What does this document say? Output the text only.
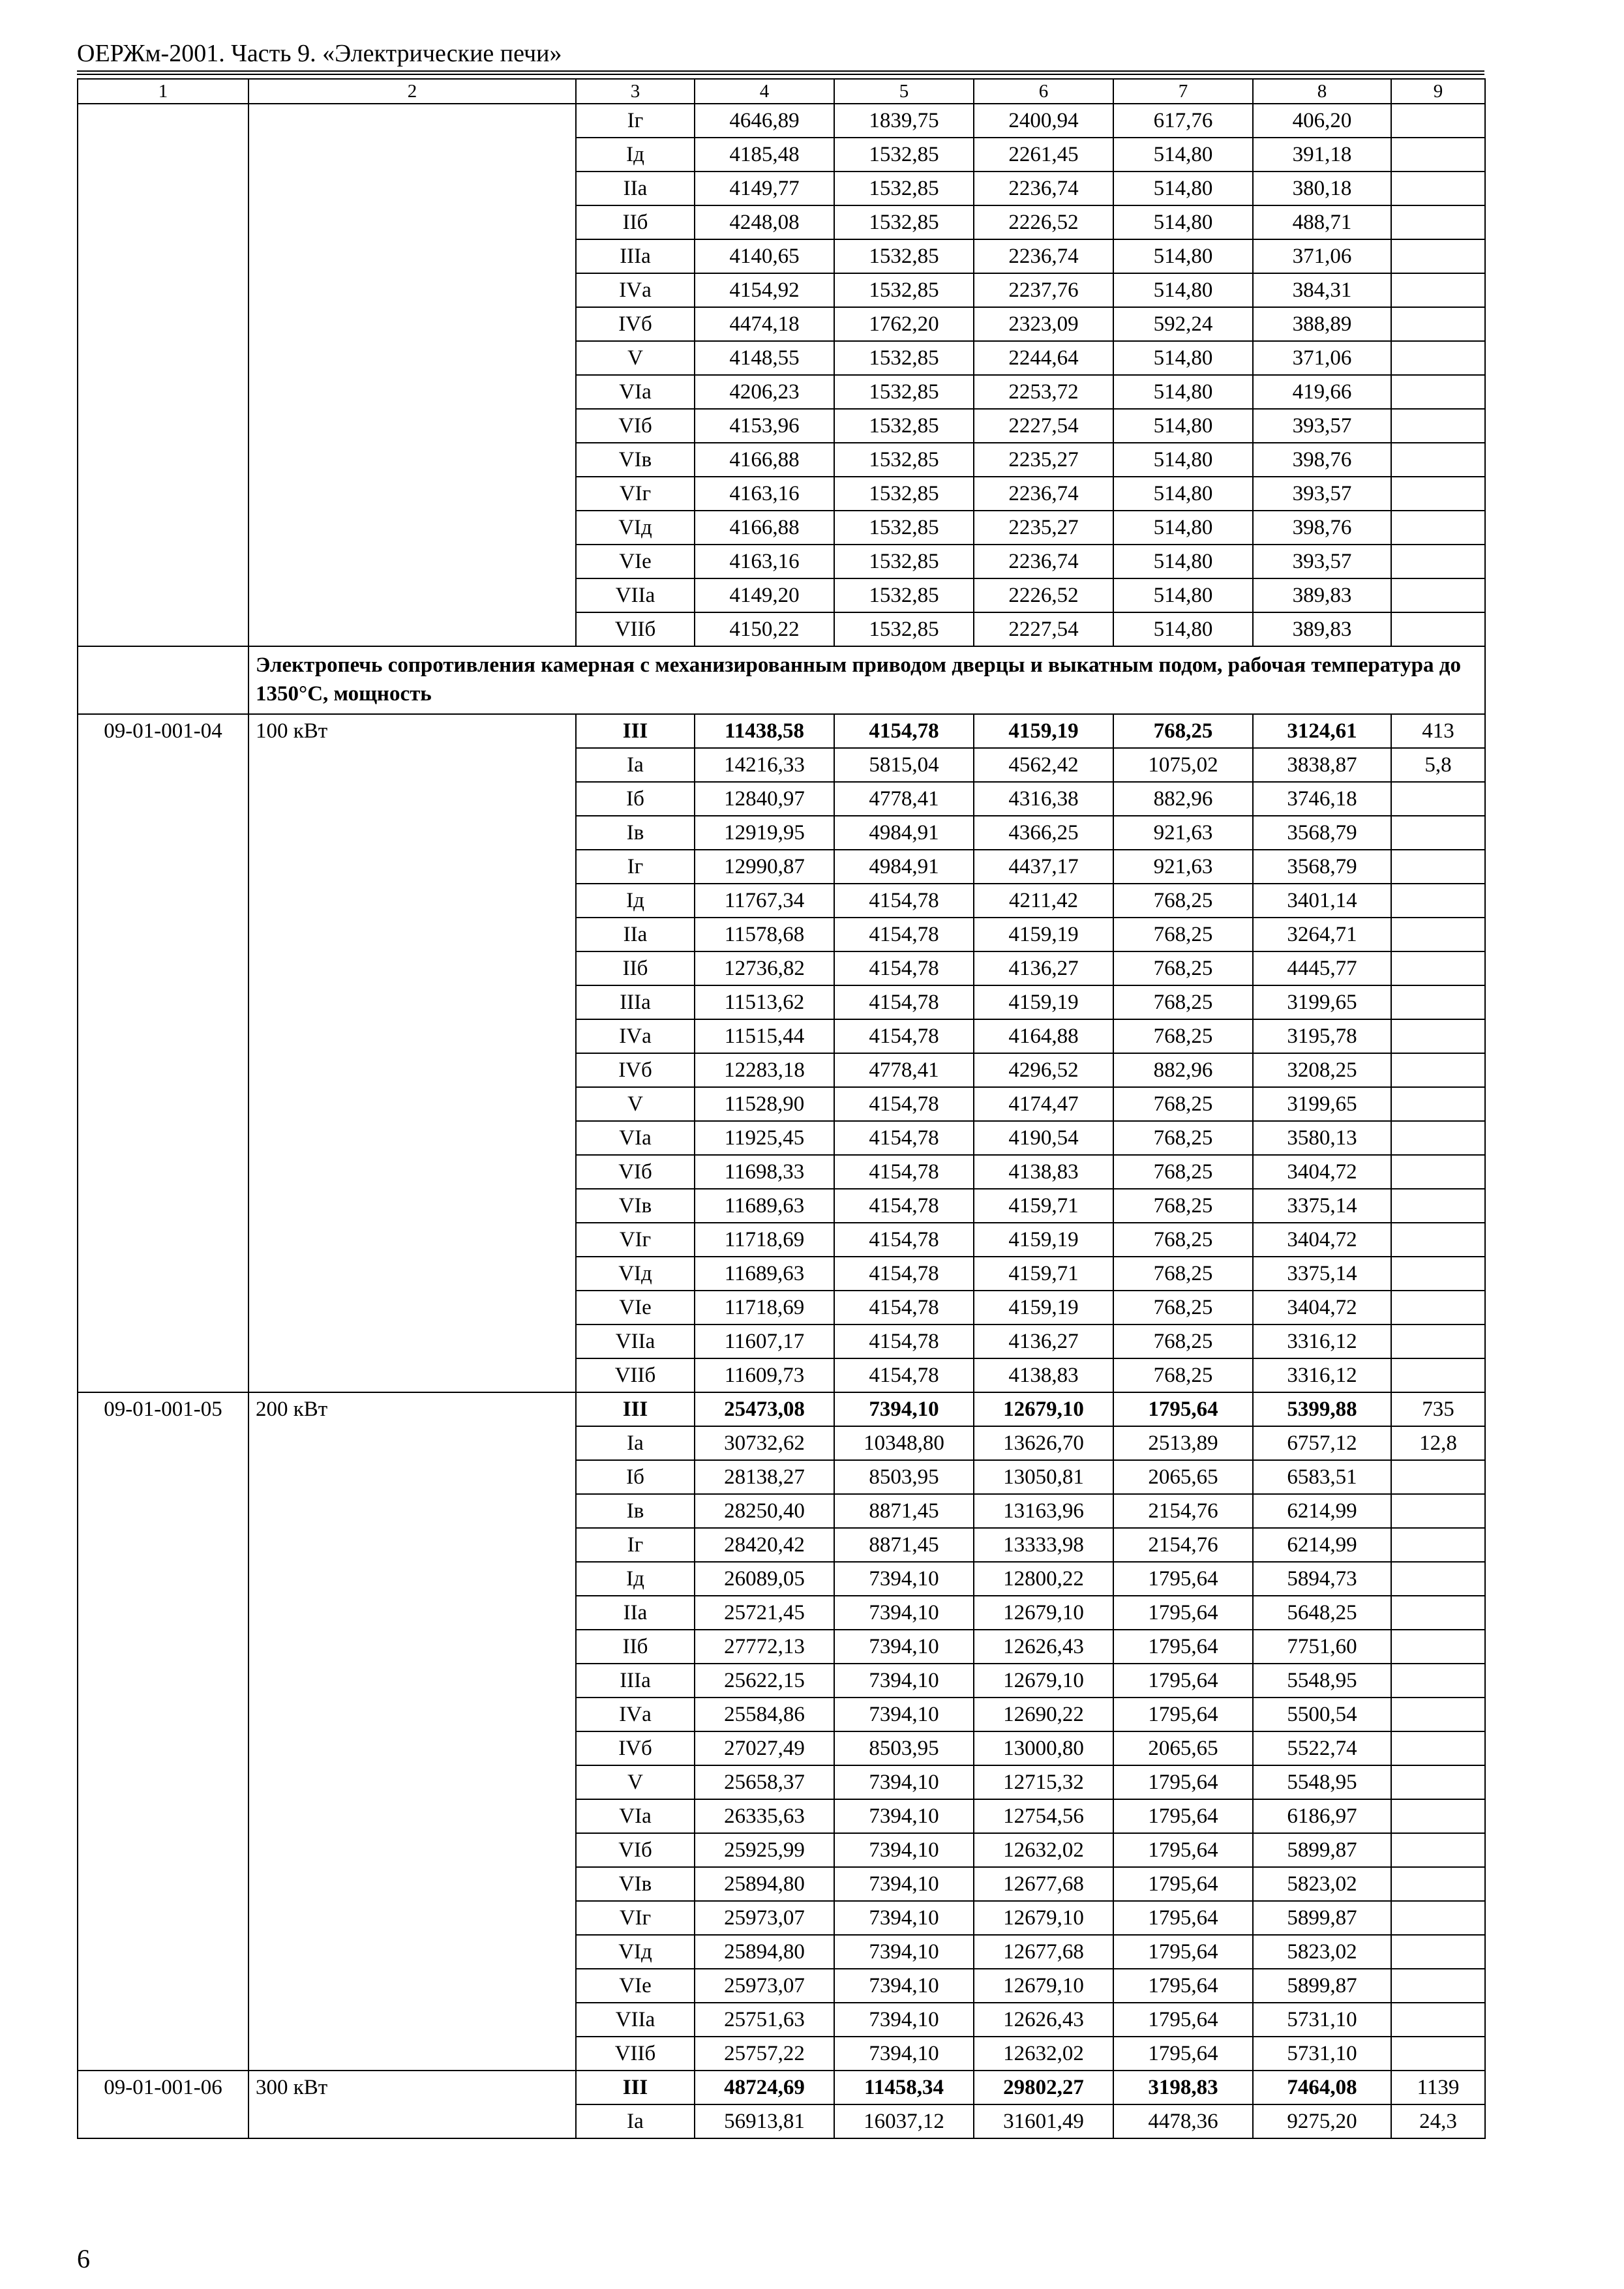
ОЕРЖм-2001. Часть 9. «Электрические печи»
1	2	3	4	5	6	7	8	9
		Iг	4646,89	1839,75	2400,94	617,76	406,20	
		Iд	4185,48	1532,85	2261,45	514,80	391,18	
		IIа	4149,77	1532,85	2236,74	514,80	380,18	
		IIб	4248,08	1532,85	2226,52	514,80	488,71	
		IIIа	4140,65	1532,85	2236,74	514,80	371,06	
		IVа	4154,92	1532,85	2237,76	514,80	384,31	
		IVб	4474,18	1762,20	2323,09	592,24	388,89	
		V	4148,55	1532,85	2244,64	514,80	371,06	
		VIа	4206,23	1532,85	2253,72	514,80	419,66	
		VIб	4153,96	1532,85	2227,54	514,80	393,57	
		VIв	4166,88	1532,85	2235,27	514,80	398,76	
		VIг	4163,16	1532,85	2236,74	514,80	393,57	
		VIд	4166,88	1532,85	2235,27	514,80	398,76	
		VIе	4163,16	1532,85	2236,74	514,80	393,57	
		VIIа	4149,20	1532,85	2226,52	514,80	389,83	
		VIIб	4150,22	1532,85	2227,54	514,80	389,83	
	Электропечь сопротивления камерная с механизированным приводом дверцы и выкатным подом, рабочая температура до 1350°С, мощность							
09-01-001-04	100 кВт	III	11438,58	4154,78	4159,19	768,25	3124,61	413
		Iа	14216,33	5815,04	4562,42	1075,02	3838,87	5,8
		Iб	12840,97	4778,41	4316,38	882,96	3746,18	
		Iв	12919,95	4984,91	4366,25	921,63	3568,79	
		Iг	12990,87	4984,91	4437,17	921,63	3568,79	
		Iд	11767,34	4154,78	4211,42	768,25	3401,14	
		IIа	11578,68	4154,78	4159,19	768,25	3264,71	
		IIб	12736,82	4154,78	4136,27	768,25	4445,77	
		IIIа	11513,62	4154,78	4159,19	768,25	3199,65	
		IVа	11515,44	4154,78	4164,88	768,25	3195,78	
		IVб	12283,18	4778,41	4296,52	882,96	3208,25	
		V	11528,90	4154,78	4174,47	768,25	3199,65	
		VIа	11925,45	4154,78	4190,54	768,25	3580,13	
		VIб	11698,33	4154,78	4138,83	768,25	3404,72	
		VIв	11689,63	4154,78	4159,71	768,25	3375,14	
		VIг	11718,69	4154,78	4159,19	768,25	3404,72	
		VIд	11689,63	4154,78	4159,71	768,25	3375,14	
		VIе	11718,69	4154,78	4159,19	768,25	3404,72	
		VIIа	11607,17	4154,78	4136,27	768,25	3316,12	
		VIIб	11609,73	4154,78	4138,83	768,25	3316,12	
09-01-001-05	200 кВт	III	25473,08	7394,10	12679,10	1795,64	5399,88	735
		Iа	30732,62	10348,80	13626,70	2513,89	6757,12	12,8
		Iб	28138,27	8503,95	13050,81	2065,65	6583,51	
		Iв	28250,40	8871,45	13163,96	2154,76	6214,99	
		Iг	28420,42	8871,45	13333,98	2154,76	6214,99	
		Iд	26089,05	7394,10	12800,22	1795,64	5894,73	
		IIа	25721,45	7394,10	12679,10	1795,64	5648,25	
		IIб	27772,13	7394,10	12626,43	1795,64	7751,60	
		IIIа	25622,15	7394,10	12679,10	1795,64	5548,95	
		IVа	25584,86	7394,10	12690,22	1795,64	5500,54	
		IVб	27027,49	8503,95	13000,80	2065,65	5522,74	
		V	25658,37	7394,10	12715,32	1795,64	5548,95	
		VIа	26335,63	7394,10	12754,56	1795,64	6186,97	
		VIб	25925,99	7394,10	12632,02	1795,64	5899,87	
		VIв	25894,80	7394,10	12677,68	1795,64	5823,02	
		VIг	25973,07	7394,10	12679,10	1795,64	5899,87	
		VIд	25894,80	7394,10	12677,68	1795,64	5823,02	
		VIе	25973,07	7394,10	12679,10	1795,64	5899,87	
		VIIа	25751,63	7394,10	12626,43	1795,64	5731,10	
		VIIб	25757,22	7394,10	12632,02	1795,64	5731,10	
09-01-001-06	300 кВт	III	48724,69	11458,34	29802,27	3198,83	7464,08	1139
		Iа	56913,81	16037,12	31601,49	4478,36	9275,20	24,3
6
